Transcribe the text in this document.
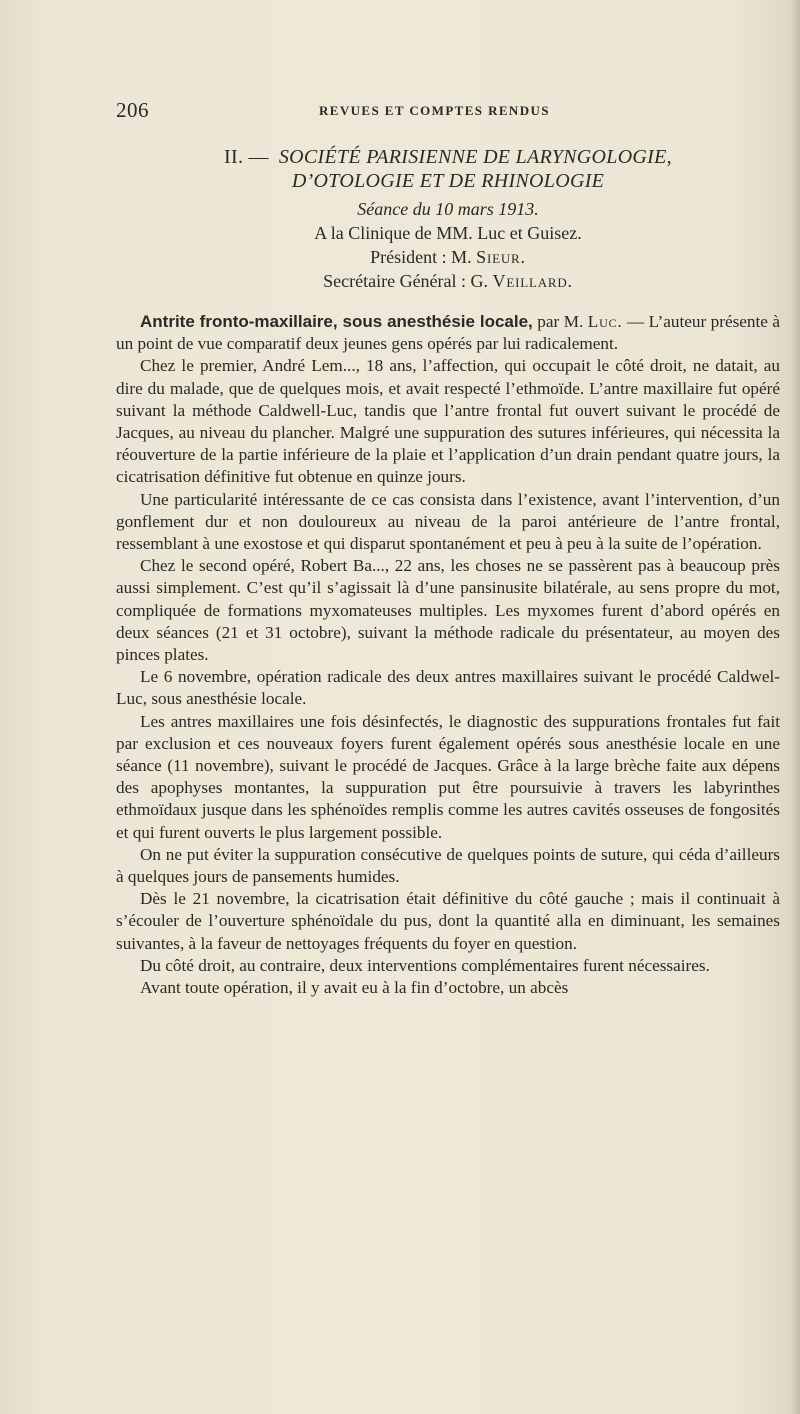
206	REVUES ET COMPTES RENDUS
II. — SOCIÉTÉ PARISIENNE DE LARYNGOLOGIE,
D’OTOLOGIE ET DE RHINOLOGIE
Séance du 10 mars 1913.
A la Clinique de MM. Luc et Guisez.
Président : M. Sieur.
Secrétaire Général : G. Veillard.

Antrite fronto-maxillaire, sous anesthésie locale, par M. Luc. — L’auteur présente à un point de vue comparatif deux jeunes gens opérés par lui radicalement.

Chez le premier, André Lem..., 18 ans, l’affection, qui occupait le côté droit, ne datait, au dire du malade, que de quelques mois, et avait respecté l’ethmoïde. L’antre maxillaire fut opéré suivant la méthode Caldwell-Luc, tandis que l’antre frontal fut ouvert suivant le procédé de Jacques, au niveau du plancher. Malgré une suppuration des sutures inférieures, qui nécessita la réouverture de la partie inférieure de la plaie et l’application d’un drain pendant quatre jours, la cicatrisation définitive fut obtenue en quinze jours.

Une particularité intéressante de ce cas consista dans l’existence, avant l’intervention, d’un gonflement dur et non douloureux au niveau de la paroi antérieure de l’antre frontal, ressemblant à une exostose et qui disparut spontanément et peu à peu à la suite de l’opération.

Chez le second opéré, Robert Ba..., 22 ans, les choses ne se passèrent pas à beaucoup près aussi simplement. C’est qu’il s’agissait là d’une pansinusite bilatérale, au sens propre du mot, compliquée de formations myxomateuses multiples. Les myxomes furent d’abord opérés en deux séances (21 et 31 octobre), suivant la méthode radicale du présentateur, au moyen des pinces plates.

Le 6 novembre, opération radicale des deux antres maxillaires suivant le procédé Caldwel-Luc, sous anesthésie locale.

Les antres maxillaires une fois désinfectés, le diagnostic des suppurations frontales fut fait par exclusion et ces nouveaux foyers furent également opérés sous anesthésie locale en une séance (11 novembre), suivant le procédé de Jacques. Grâce à la large brèche faite aux dépens des apophyses montantes, la suppuration put être poursuivie à travers les labyrinthes ethmoïdaux jusque dans les sphénoïdes remplis comme les autres cavités osseuses de fongosités et qui furent ouverts le plus largement possible.

On ne put éviter la suppuration consécutive de quelques points de suture, qui céda d’ailleurs à quelques jours de pansements humides.

Dès le 21 novembre, la cicatrisation était définitive du côté gauche ; mais il continuait à s’écouler de l’ouverture sphénoïdale du pus, dont la quantité alla en diminuant, les semaines suivantes, à la faveur de nettoyages fréquents du foyer en question.

Du côté droit, au contraire, deux interventions complémentaires furent nécessaires.

Avant toute opération, il y avait eu à la fin d’octobre, un abcès
